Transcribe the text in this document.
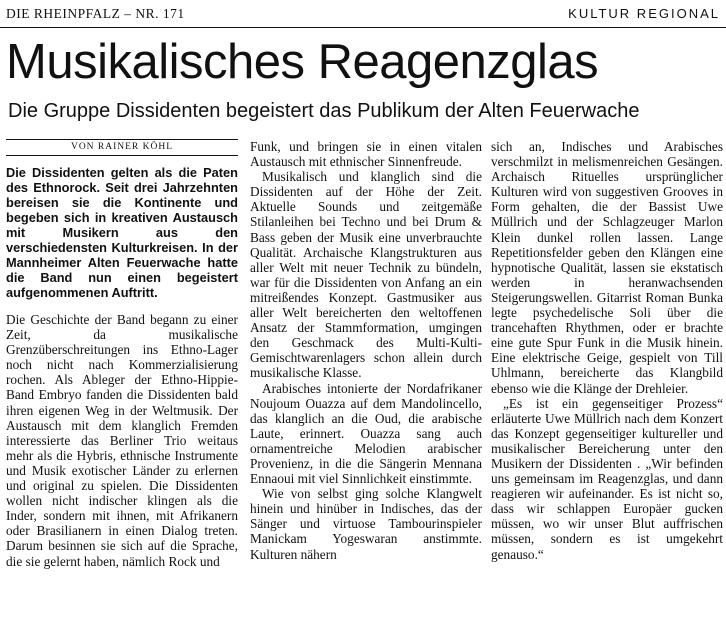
DIE RHEINPFALZ – NR. 171	KULTUR REGIONAL
Musikalisches Reagenzglas
Die Gruppe Dissidenten begeistert das Publikum der Alten Feuerwache
VON RAINER KÖHL

Die Dissidenten gelten als die Paten des Ethnorock. Seit drei Jahrzehnten bereisen sie die Kontinente und begeben sich in kreativen Austausch mit Musikern aus den verschiedensten Kulturkreisen. In der Mannheimer Alten Feuerwache hatte die Band nun einen begeistert aufgenommenen Auftritt.

Die Geschichte der Band begann zu einer Zeit, da musikalische Grenzüberschreitungen ins Ethno-Lager noch nicht nach Kommerzialisierung rochen. Als Ableger der Ethno-Hippie-Band Embryo fanden die Dissidenten bald ihren eigenen Weg in der Weltmusik. Der Austausch mit dem klanglich Fremden interessierte das Berliner Trio weitaus mehr als die Hybris, ethnische Instrumente und Musik exotischer Länder zu erlernen und original zu spielen. Die Dissidenten wollen nicht indischer klingen als die Inder, sondern mit ihnen, mit Afrikanern oder Brasilianern in einen Dialog treten. Darum besinnen sie sich auf die Sprache, die sie gelernt haben, nämlich Rock und

Funk, und bringen sie in einen vitalen Austausch mit ethnischer Sinnenfreude.

Musikalisch und klanglich sind die Dissidenten auf der Höhe der Zeit. Aktuelle Sounds und zeitgemäße Stilanleihen bei Techno und bei Drum & Bass geben der Musik eine unverbrauchte Qualität. Archaische Klangstrukturen aus aller Welt mit neuer Technik zu bündeln, war für die Dissidenten von Anfang an ein mitreißendes Konzept. Gastmusiker aus aller Welt bereicherten den weltoffenen Ansatz der Stammformation, umgingen den Geschmack des Multi-Kulti-Gemischtwarenlagers schon allein durch musikalische Klasse.

Arabisches intonierte der Nordafrikaner Noujoum Ouazza auf dem Mandolincello, das klanglich an die Oud, die arabische Laute, erinnert. Ouazza sang auch ornamentreiche Melodien arabischer Provenienz, in die die Sängerin Mennana Ennaoui mit viel Sinnlichkeit einstimmte.

Wie von selbst ging solche Klangwelt hinein und hinüber in Indisches, das der Sänger und virtuose Tambourinspieler Manickam Yogeswaran anstimmte. Kulturen nähern

sich an, Indisches und Arabisches verschmilzt in melismenreichen Gesängen. Archaisch Rituelles ursprünglicher Kulturen wird von suggestiven Grooves in Form gehalten, die der Bassist Uwe Müllrich und der Schlagzeuger Marlon Klein dunkel rollen lassen. Lange Repetitionsfelder geben den Klängen eine hypnotische Qualität, lassen sie ekstatisch werden in heranwachsenden Steigerungswellen. Gitarrist Roman Bunka legte psychedelische Soli über die trancehaften Rhythmen, oder er brachte eine gute Spur Funk in die Musik hinein. Eine elektrische Geige, gespielt von Till Uhlmann, bereicherte das Klangbild ebenso wie die Klänge der Drehleier.

„Es ist ein gegenseitiger Prozess“ erläuterte Uwe Müllrich nach dem Konzert das Konzept gegenseitiger kultureller und musikalischer Bereicherung unter den Musikern der Dissidenten . „Wir befinden uns gemeinsam im Reagenzglas, und dann reagieren wir aufeinander. Es ist nicht so, dass wir schlappen Europäer gucken müssen, wo wir unser Blut auffrischen müssen, sondern es ist umgekehrt genauso.“
